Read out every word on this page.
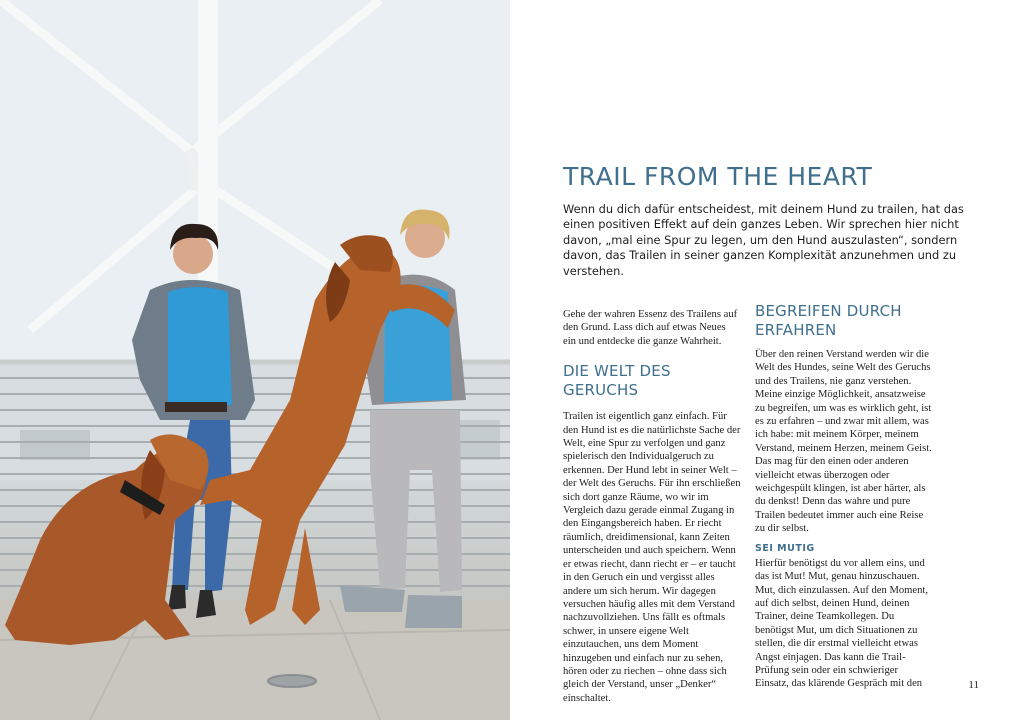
TRAIL FROM THE HEART

Wenn du dich dafür entscheidest, mit deinem Hund zu trailen, hat das einen positiven Effekt auf dein ganzes Leben. Wir sprechen hier nicht davon, „mal eine Spur zu legen, um den Hund auszulasten“, sondern davon, das Trailen in seiner ganzen Komplexität anzunehmen und zu verstehen.

Gehe der wahren Essenz des Trailens auf den Grund. Lass dich auf etwas Neues ein und entdecke die ganze Wahrheit.

DIE WELT DES GERUCHS

Trailen ist eigentlich ganz einfach. Für den Hund ist es die natürlichste Sache der Welt, eine Spur zu verfolgen und ganz spielerisch den Individualgeruch zu erkennen. Der Hund lebt in seiner Welt – der Welt des Geruchs. Für ihn erschließen sich dort ganze Räume, wo wir im Vergleich dazu gerade einmal Zugang in den Eingangsbereich haben. Er riecht räumlich, dreidimensional, kann Zeiten unterscheiden und auch speichern. Wenn er etwas riecht, dann riecht er – er taucht in den Geruch ein und vergisst alles andere um sich herum. Wir dagegen versuchen häufig alles mit dem Verstand nachzuvollziehen. Uns fällt es oftmals schwer, in unsere eigene Welt einzutauchen, uns dem Moment hinzugeben und einfach nur zu sehen, hören oder zu riechen – ohne dass sich gleich der Verstand, unser „Denker“ einschaltet.

BEGREIFEN DURCH ERFAHREN

Über den reinen Verstand werden wir die Welt des Hundes, seine Welt des Geruchs und des Trailens, nie ganz verstehen. Meine einzige Möglichkeit, ansatzweise zu begreifen, um was es wirklich geht, ist es zu erfahren – und zwar mit allem, was ich habe: mit meinem Körper, meinem Verstand, meinem Herzen, meinem Geist. Das mag für den einen oder anderen vielleicht etwas überzogen oder weichgespült klingen, ist aber härter, als du denkst! Denn das wahre und pure Trailen bedeutet immer auch eine Reise zu dir selbst.

SEI MUTIG

Hierfür benötigst du vor allem eins, und das ist Mut! Mut, genau hinzuschauen. Mut, dich einzulassen. Auf den Moment, auf dich selbst, deinen Hund, deinen Trainer, deine Teamkollegen. Du benötigst Mut, um dich Situationen zu stellen, die dir erstmal vielleicht etwas Angst einjagen. Das kann die Trail-Prüfung sein oder ein schwieriger Einsatz, das klärende Gespräch mit den	11
